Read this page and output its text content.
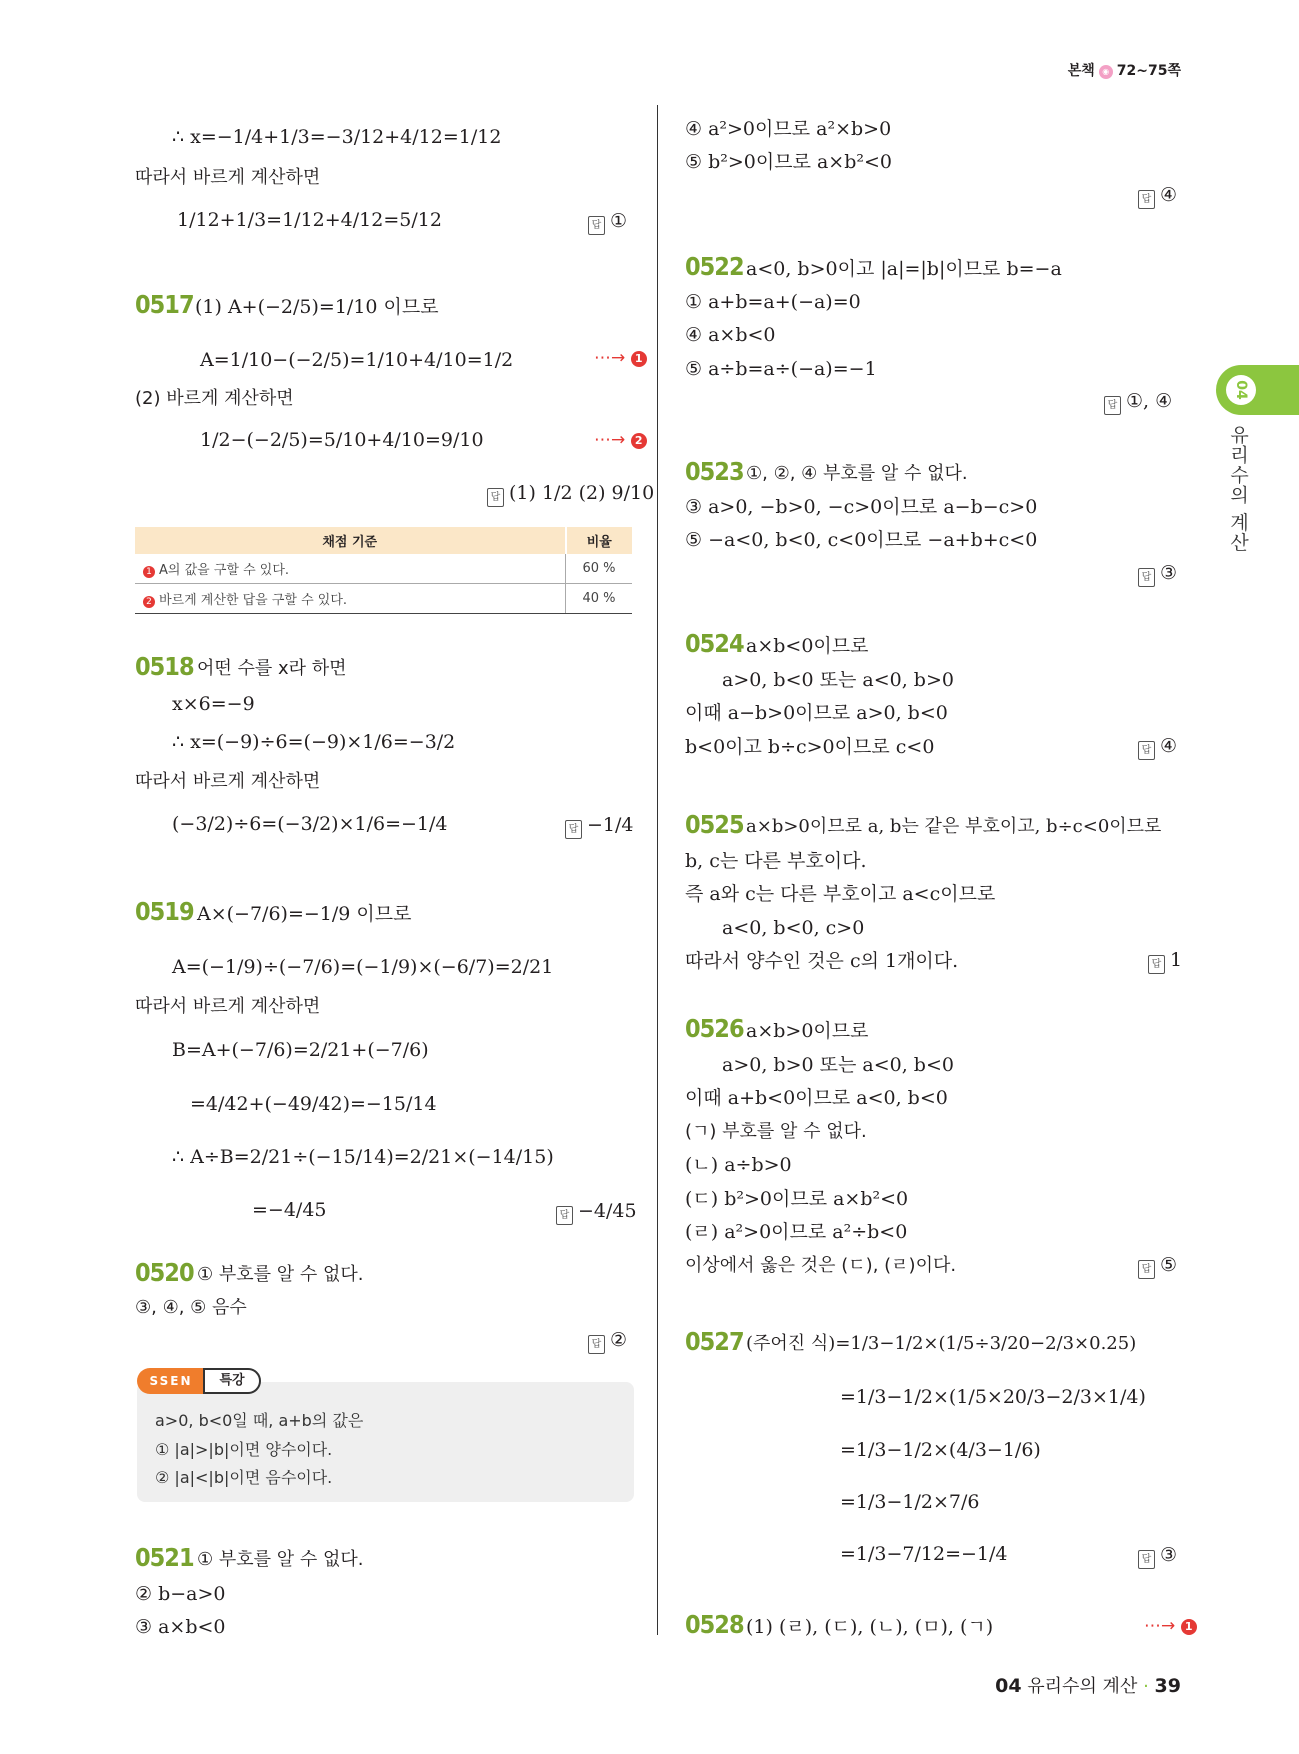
본책 ◉ 72~75쪽
04
유리수의 계산
∴ x=−1/4+1/3=−3/12+4/12=1/12
따라서 바르게 계산하면
1/12+1/3=1/12+4/12=5/12	답 ①
0517 (1) A+(−2/5)=1/10 이므로
A=1/10−(−2/5)=1/10+4/10=1/2	⋯→ 1
(2) 바르게 계산하면
1/2−(−2/5)=5/10+4/10=9/10	⋯→ 2
답 (1) 1/2 (2) 9/10
채점 기준	비율
1 A의 값을 구할 수 있다.	60 %
2 바르게 계산한 답을 구할 수 있다.	40 %
0518 어떤 수를 x라 하면
x×6=−9
∴ x=(−9)÷6=(−9)×1/6=−3/2
따라서 바르게 계산하면
(−3/2)÷6=(−3/2)×1/6=−1/4	답 −1/4
0519 A×(−7/6)=−1/9 이므로
A=(−1/9)÷(−7/6)=(−1/9)×(−6/7)=2/21
따라서 바르게 계산하면
B=A+(−7/6)=2/21+(−7/6)
=4/42+(−49/42)=−15/14
∴ A÷B=2/21÷(−15/14)=2/21×(−14/15)
=−4/45	답 −4/45
0520 ① 부호를 알 수 없다.
③, ④, ⑤ 음수
답 ②
SSEN	특강
a>0, b<0일 때, a+b의 값은
① |a|>|b|이면 양수이다.
② |a|<|b|이면 음수이다.
0521 ① 부호를 알 수 없다.
② b−a>0
③ a×b<0
④ a²>0이므로 a²×b>0
⑤ b²>0이므로 a×b²<0
답 ④
0522 a<0, b>0이고 |a|=|b|이므로 b=−a
① a+b=a+(−a)=0
④ a×b<0
⑤ a÷b=a÷(−a)=−1
답 ①, ④
0523 ①, ②, ④ 부호를 알 수 없다.
③ a>0, −b>0, −c>0이므로 a−b−c>0
⑤ −a<0, b<0, c<0이므로 −a+b+c<0
답 ③
0524 a×b<0이므로
a>0, b<0 또는 a<0, b>0
이때 a−b>0이므로 a>0, b<0
b<0이고 b÷c>0이므로 c<0	답 ④
0525 a×b>0이므로 a, b는 같은 부호이고, b÷c<0이므로
b, c는 다른 부호이다.
즉 a와 c는 다른 부호이고 a<c이므로
a<0, b<0, c>0
따라서 양수인 것은 c의 1개이다.	답 1
0526 a×b>0이므로
a>0, b>0 또는 a<0, b<0
이때 a+b<0이므로 a<0, b<0
(ㄱ) 부호를 알 수 없다.
(ㄴ) a÷b>0
(ㄷ) b²>0이므로 a×b²<0
(ㄹ) a²>0이므로 a²÷b<0
이상에서 옳은 것은 (ㄷ), (ㄹ)이다.	답 ⑤
0527 (주어진 식)=1/3−1/2×(1/5÷3/20−2/3×0.25)
=1/3−1/2×(1/5×20/3−2/3×1/4)
=1/3−1/2×(4/3−1/6)
=1/3−1/2×7/6
=1/3−7/12=−1/4	답 ③
0528 (1) (ㄹ), (ㄷ), (ㄴ), (ㅁ), (ㄱ)	⋯→ 1
04 유리수의 계산 · 39
